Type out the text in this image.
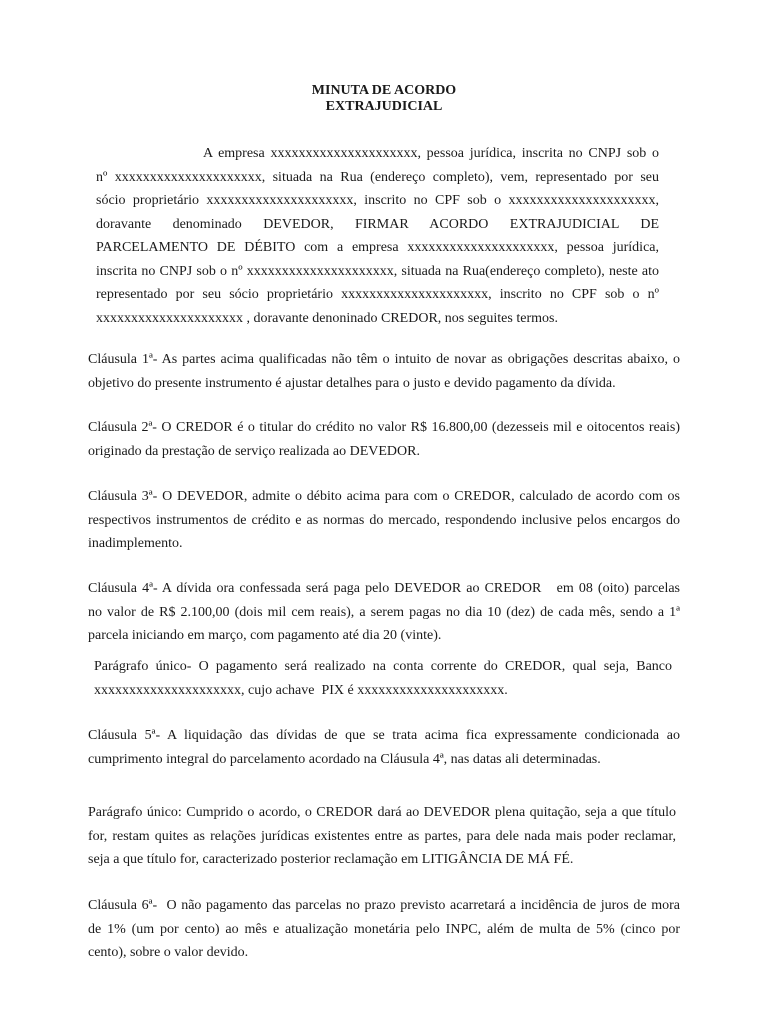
MINUTA DE ACORDO
EXTRAJUDICIAL
A empresa xxxxxxxxxxxxxxxxxxxxx, pessoa jurídica, inscrita no CNPJ sob o
nº xxxxxxxxxxxxxxxxxxxxx, situada na Rua (endereço completo), vem, representado por seu
sócio proprietário xxxxxxxxxxxxxxxxxxxxx, inscrito no CPF sob o xxxxxxxxxxxxxxxxxxxxx,
doravante denominado DEVEDOR, FIRMAR ACORDO EXTRAJUDICIAL DE
PARCELAMENTO DE DÉBITO com a empresa xxxxxxxxxxxxxxxxxxxxx, pessoa jurídica,
inscrita no CNPJ sob o nº xxxxxxxxxxxxxxxxxxxxx, situada na Rua(endereço completo), neste ato
representado por seu sócio proprietário xxxxxxxxxxxxxxxxxxxxx, inscrito no CPF sob o nº
xxxxxxxxxxxxxxxxxxxxx , doravante denoninado CREDOR, nos seguites termos.
Cláusula 1ª- As partes acima qualificadas não têm o intuito de novar as obrigações descritas abaixo, o
objetivo do presente instrumento é ajustar detalhes para o justo e devido pagamento da dívida.
Cláusula 2ª- O CREDOR é o titular do crédito no valor R$ 16.800,00 (dezesseis mil e oitocentos reais)
originado da prestação de serviço realizada ao DEVEDOR.
Cláusula 3ª- O DEVEDOR, admite o débito acima para com o CREDOR, calculado de acordo com os
respectivos instrumentos de crédito e as normas do mercado, respondendo inclusive pelos encargos do
inadimplemento.
Cláusula 4ª- A dívida ora confessada será paga pelo DEVEDOR ao CREDOR   em 08 (oito) parcelas
no valor de R$ 2.100,00 (dois mil cem reais), a serem pagas no dia 10 (dez) de cada mês, sendo a 1ª
parcela iniciando em março, com pagamento até dia 20 (vinte).
Parágrafo único- O pagamento será realizado na conta corrente do CREDOR, qual seja, Banco
xxxxxxxxxxxxxxxxxxxxx, cujo achave  PIX é xxxxxxxxxxxxxxxxxxxxx.
Cláusula 5ª- A liquidação das dívidas de que se trata acima fica expressamente condicionada ao
cumprimento integral do parcelamento acordado na Cláusula 4ª, nas datas ali determinadas.
Parágrafo único: Cumprido o acordo, o CREDOR dará ao DEVEDOR plena quitação, seja a que título
for, restam quites as relações jurídicas existentes entre as partes, para dele nada mais poder reclamar,
seja a que título for, caracterizado posterior reclamação em LITIGÂNCIA DE MÁ FÉ.
Cláusula 6ª-  O não pagamento das parcelas no prazo previsto acarretará a incidência de juros de mora
de 1% (um por cento) ao mês e atualização monetária pelo INPC, além de multa de 5% (cinco por
cento), sobre o valor devido.
